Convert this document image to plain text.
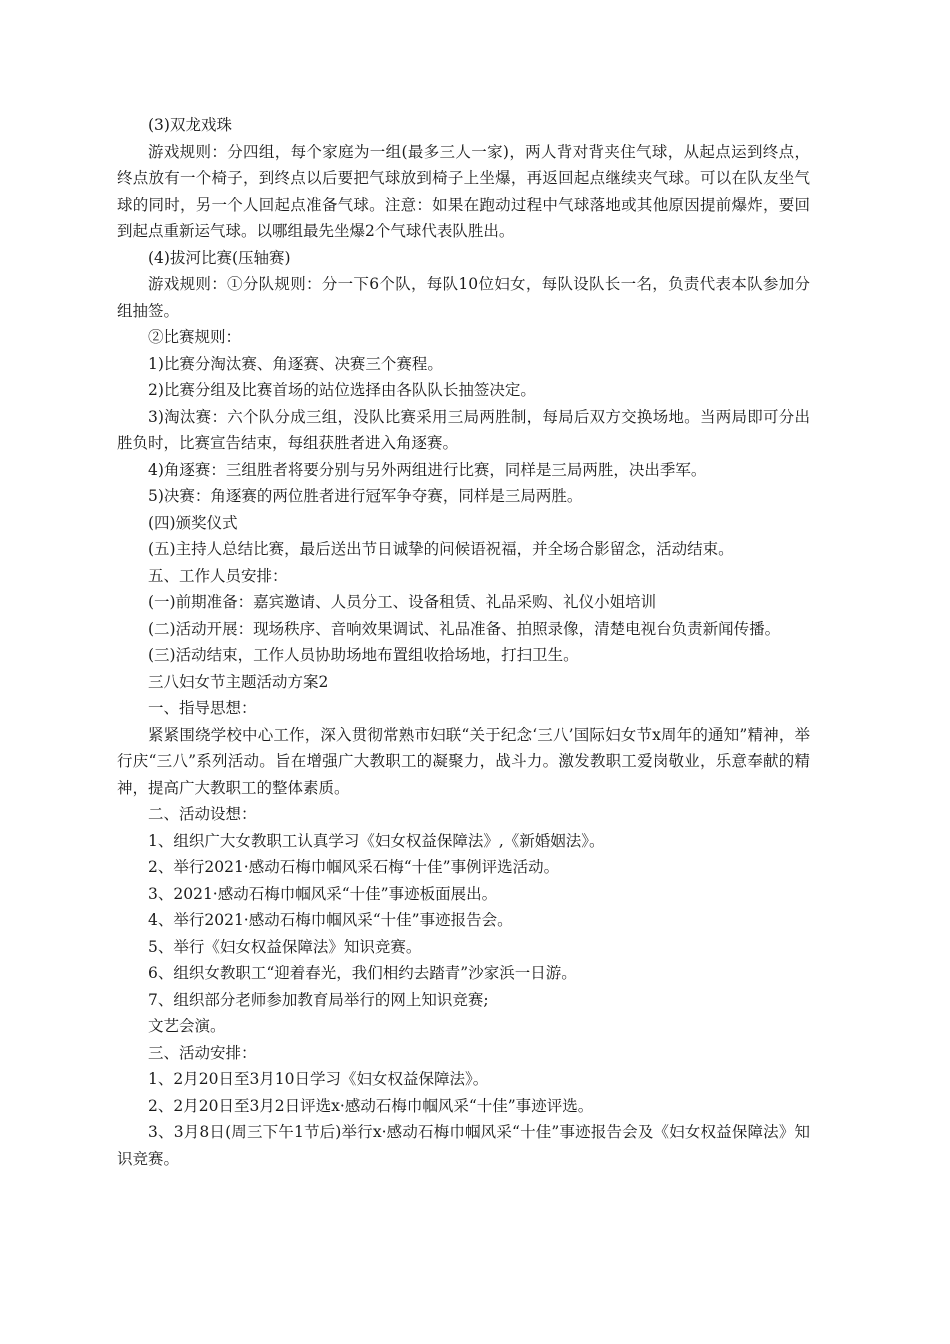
(3)双龙戏珠

游戏规则：分四组，每个家庭为一组(最多三人一家)，两人背对背夹住气球，从起点运到终点，终点放有一个椅子，到终点以后要把气球放到椅子上坐爆，再返回起点继续夹气球。可以在队友坐气球的同时，另一个人回起点准备气球。注意：如果在跑动过程中气球落地或其他原因提前爆炸，要回到起点重新运气球。以哪组最先坐爆2个气球代表队胜出。

(4)拔河比赛(压轴赛)

游戏规则：①分队规则：分一下6个队，每队10位妇女，每队设队长一名，负责代表本队参加分组抽签。

②比赛规则：

1)比赛分淘汰赛、角逐赛、决赛三个赛程。

2)比赛分组及比赛首场的站位选择由各队队长抽签决定。

3)淘汰赛：六个队分成三组，没队比赛采用三局两胜制，每局后双方交换场地。当两局即可分出胜负时，比赛宣告结束，每组获胜者进入角逐赛。

4)角逐赛：三组胜者将要分别与另外两组进行比赛，同样是三局两胜，决出季军。

5)决赛：角逐赛的两位胜者进行冠军争夺赛，同样是三局两胜。

(四)颁奖仪式

(五)主持人总结比赛，最后送出节日诚挚的问候语祝福，并全场合影留念，活动结束。

五、工作人员安排：

(一)前期准备：嘉宾邀请、人员分工、设备租赁、礼品采购、礼仪小姐培训

(二)活动开展：现场秩序、音响效果调试、礼品准备、拍照录像，清楚电视台负责新闻传播。

(三)活动结束，工作人员协助场地布置组收拾场地，打扫卫生。

三八妇女节主题活动方案2

一、指导思想：

紧紧围绕学校中心工作，深入贯彻常熟市妇联“关于纪念‘三八’国际妇女节x周年的通知”精神，举行庆“三八”系列活动。旨在增强广大教职工的凝聚力，战斗力。激发教职工爱岗敬业，乐意奉献的精神，提高广大教职工的整体素质。

二、活动设想：

1、组织广大女教职工认真学习《妇女权益保障法》,《新婚姻法》。

2、举行2021·感动石梅巾帼风采石梅“十佳”事例评选活动。

3、2021·感动石梅巾帼风采“十佳”事迹板面展出。

4、举行2021·感动石梅巾帼风采“十佳”事迹报告会。

5、举行《妇女权益保障法》知识竞赛。

6、组织女教职工“迎着春光，我们相约去踏青”沙家浜一日游。

7、组织部分老师参加教育局举行的网上知识竞赛;

文艺会演。

三、活动安排：

1、2月20日至3月10日学习《妇女权益保障法》。

2、2月20日至3月2日评选x·感动石梅巾帼风采“十佳”事迹评选。

3、3月8日(周三下午1节后)举行x·感动石梅巾帼风采“十佳”事迹报告会及《妇女权益保障法》知识竞赛。
